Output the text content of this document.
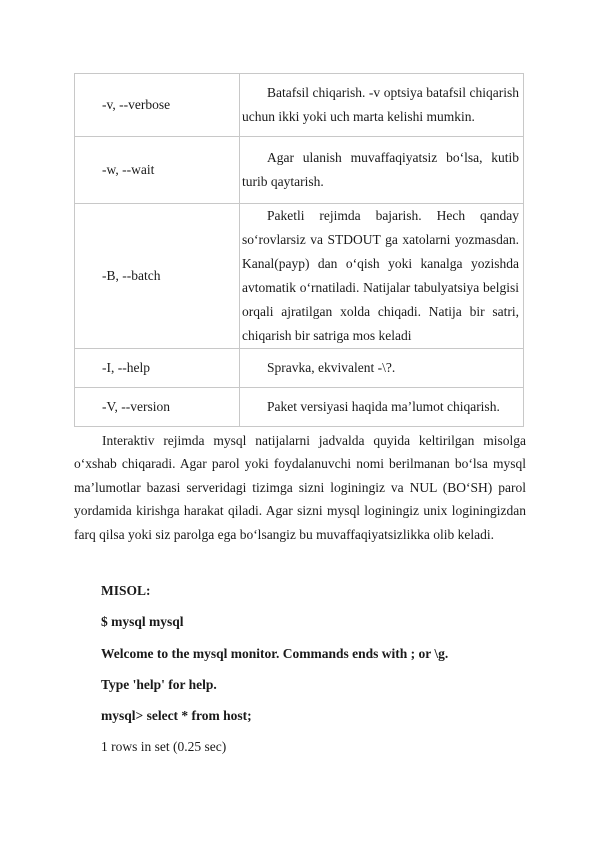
-v, --verbose	Batafsil chiqarish. -v optsiya batafsil chiqarish uchun ikki yoki uch marta kelishi mumkin.

-w, --wait	Agar ulanish muvaffaqiyatsiz bo‘lsa, kutib turib qaytarish.

-B, --batch	Paketli rejimda bajarish. Hech qanday so‘rovlarsiz va STDOUT ga xatolarni yozmasdan. Kanal(payp) dan o‘qish yoki kanalga yozishda avtomatik o‘rnatiladi. Natijalar tabulyatsiya belgisi orqali ajratilgan xolda chiqadi. Natija bir satri, chiqarish bir satriga mos keladi

-I, --help	Spravka, ekvivalent -\?.

-V, --version	Paket versiyasi haqida ma’lumot chiqarish.

Interaktiv rejimda mysql natijalarni jadvalda quyida keltirilgan misolga o‘xshab chiqaradi. Agar parol yoki foydalanuvchi nomi berilmanan bo‘lsa mysql ma’lumotlar bazasi serveridagi tizimga sizni loginingiz va NUL (BO‘SH) parol yordamida kirishga harakat qiladi. Agar sizni mysql loginingiz unix loginingizdan farq qilsa yoki siz parolga ega bo‘lsangiz bu muvaffaqiyatsizlikka olib keladi.

MISOL:

$ mysql mysql

Welcome to the mysql monitor. Commands ends with ; or \g.

Type 'help' for help.

mysql> select * from host;

1 rows in set (0.25 sec)
